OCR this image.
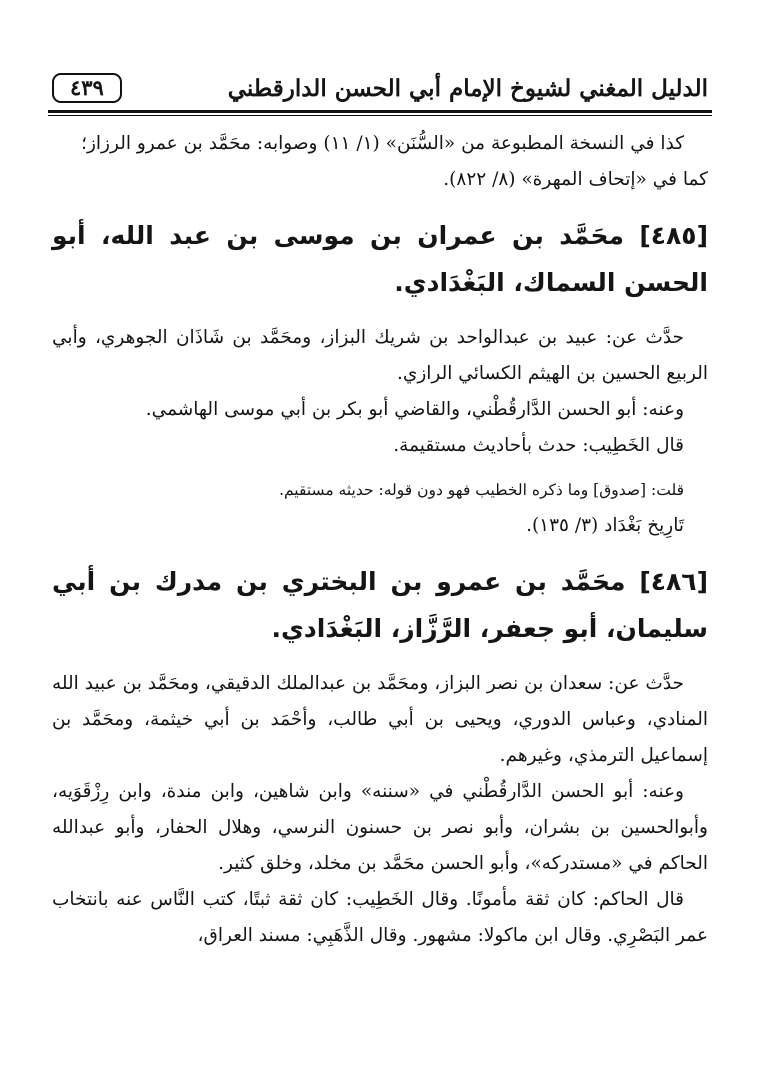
الدليل المغني لشيوخ الإمام أبي الحسن الدارقطني
٤٣٩

كذا في النسخة المطبوعة من «السُّنَن» (١/ ١١) وصوابه: محَمَّد بن عمرو الرزاز؛

كما في «إتحاف المهرة» (٨/ ٨٢٢).

[٤٨٥] محَمَّد بن عمران بن موسى بن عبد الله، أبو الحسن السماك، البَغْدَادي.

حدَّث عن: عبيد بن عبدالواحد بن شريك البزاز، ومحَمَّد بن شَاذَان الجوهري، وأبي الربيع الحسين بن الهيثم الكسائي الرازي.

وعنه: أبو الحسن الدَّارقُطْني، والقاضي أبو بكر بن أبي موسى الهاشمي.

قال الخَطِيب: حدث بأحاديث مستقيمة.

قلت: [صدوق] وما ذكره الخطيب فهو دون قوله: حديثه مستقيم.

تَارِيخ بَغْدَاد (٣/ ١٣٥).

[٤٨٦] محَمَّد بن عمرو بن البختري بن مدرك بن أبي سليمان، أبو جعفر، الرَّزَّاز، البَغْدَادي.

حدَّث عن: سعدان بن نصر البزاز، ومحَمَّد بن عبدالملك الدقيقي، ومحَمَّد بن عبيد الله المنادي، وعباس الدوري، ويحيى بن أبي طالب، وأحْمَد بن أبي خيثمة، ومحَمَّد بن إسماعيل الترمذي، وغيرهم.

وعنه: أبو الحسن الدَّارقُطْني في «سننه» وابن شاهين، وابن مندة، وابن رِزْقَوَيه، وأبوالحسين بن بشران، وأبو نصر بن حسنون النرسي، وهلال الحفار، وأبو عبدالله الحاكم في «مستدركه»، وأبو الحسن محَمَّد بن مخلد، وخلق كثير.

قال الحاكم: كان ثقة مأمونًا. وقال الخَطِيب: كان ثقة ثبتًا، كتب النَّاس عنه بانتخاب عمر البَصْرِي. وقال ابن ماكولا: مشهور. وقال الذَّهَبِي: مسند العراق،
